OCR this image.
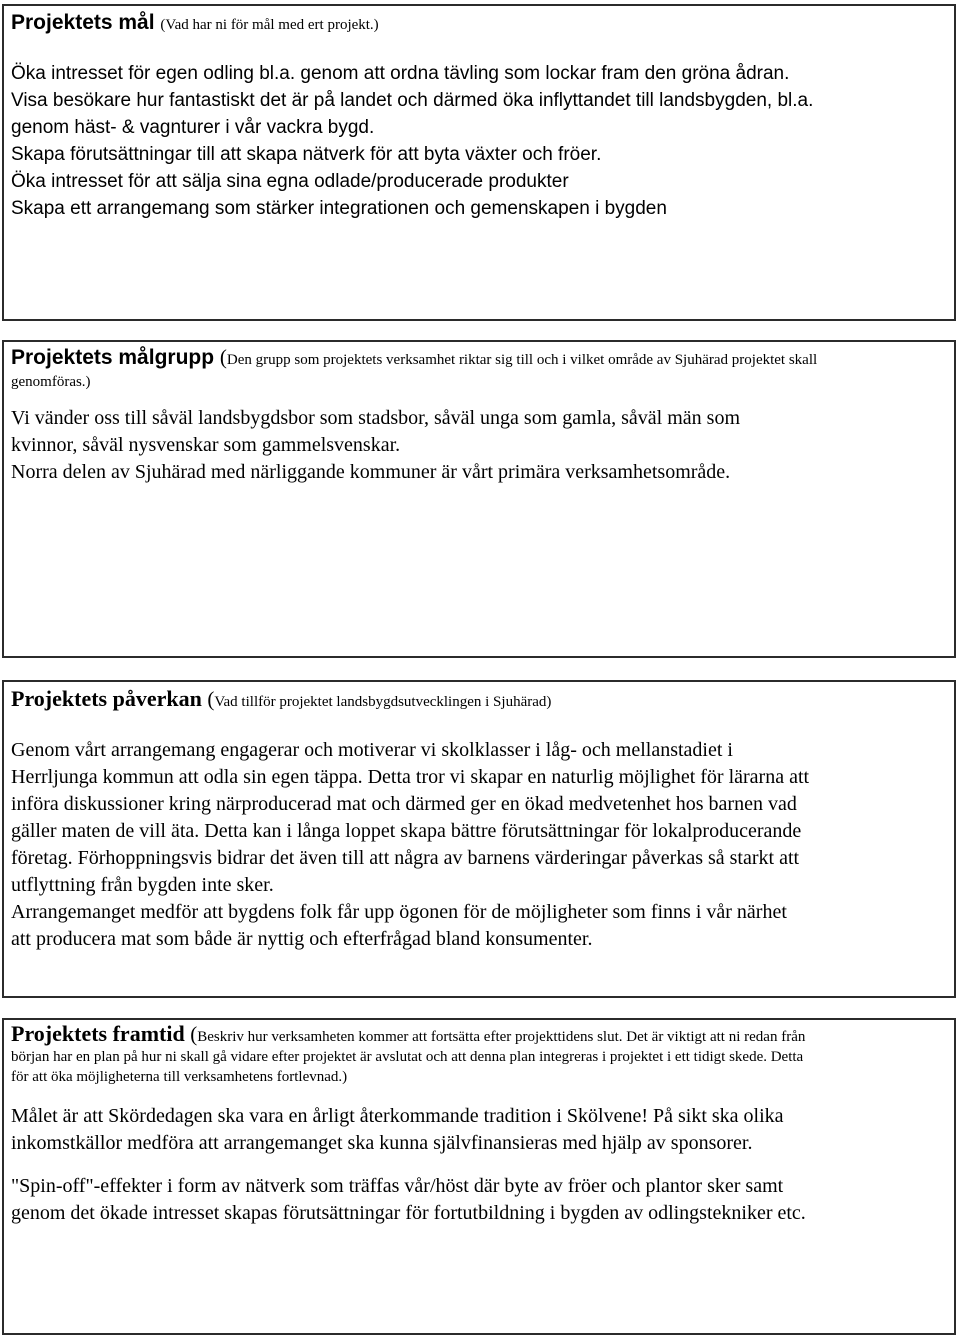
Projektets mål (Vad har ni för mål med ert projekt.)

Öka intresset för egen odling bl.a. genom att ordna tävling som lockar fram den gröna ådran.
Visa besökare hur fantastiskt det är på landet och därmed öka inflyttandet till landsbygden, bl.a.
genom häst- & vagnturer i vår vackra bygd.
Skapa förutsättningar till att skapa nätverk för att byta växter och fröer.
Öka intresset för att sälja sina egna odlade/producerade produkter
Skapa ett arrangemang som stärker integrationen och gemenskapen i bygden

Projektets målgrupp (Den grupp som projektets verksamhet riktar sig till och i vilket område av Sjuhärad projektet skall
genomföras.)

Vi vänder oss till såväl landsbygdsbor som stadsbor, såväl unga som gamla, såväl män som
kvinnor, såväl nysvenskar som gammelsvenskar.
Norra delen av Sjuhärad med närliggande kommuner är vårt primära verksamhetsområde.

Projektets påverkan (Vad tillför projektet landsbygdsutvecklingen i Sjuhärad)

Genom vårt arrangemang engagerar och motiverar vi skolklasser i låg- och mellanstadiet i
Herrljunga kommun att odla sin egen täppa. Detta tror vi skapar en naturlig möjlighet för lärarna att
införa diskussioner kring närproducerad mat och därmed ger en ökad medvetenhet hos barnen vad
gäller maten de vill äta. Detta kan i långa loppet skapa bättre förutsättningar för lokalproducerande
företag. Förhoppningsvis bidrar det även till att några av barnens värderingar påverkas så starkt att
utflyttning från bygden inte sker.
Arrangemanget medför att bygdens folk får upp ögonen för de möjligheter som finns i vår närhet
att producera mat som både är nyttig och efterfrågad bland konsumenter.

Projektets framtid (Beskriv hur verksamheten kommer att fortsätta efter projekttidens slut. Det är viktigt att ni redan från
början har en plan på hur ni skall gå vidare efter projektet är avslutat och att denna plan integreras i projektet i ett tidigt skede. Detta
för att öka möjligheterna till verksamhetens fortlevnad.)

Målet är att Skördedagen ska vara en årligt återkommande tradition i Skölvene! På sikt ska olika
inkomstkällor medföra att arrangemanget ska kunna självfinansieras med hjälp av sponsorer.

"Spin-off"-effekter i form av nätverk som träffas vår/höst där byte av fröer och plantor sker samt
genom det ökade intresset skapas förutsättningar för fortutbildning i bygden av odlingstekniker etc.
